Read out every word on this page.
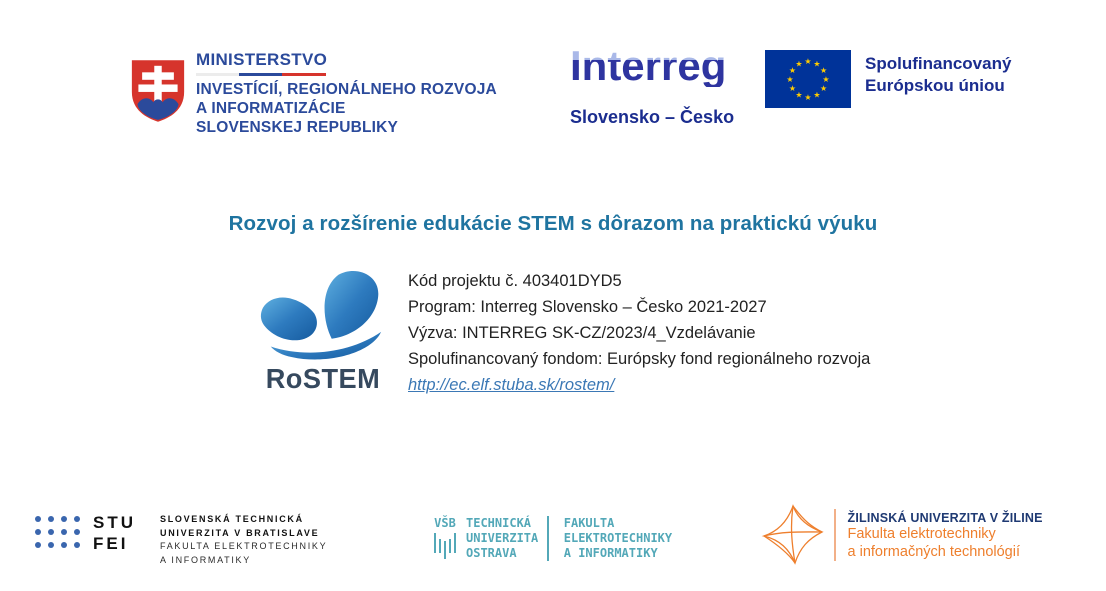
MINISTERSTVO
INVESTÍCIÍ, REGIONÁLNEHO ROZVOJA
A INFORMATIZÁCIE
SLOVENSKEJ REPUBLIKY
Interreg
Slovensko – Česko
★ ★
★
★
★
★
★
★
★
★
★
★	Spolufinancovaný
Európskou úniou
Rozvoj a rozšírenie edukácie STEM s dôrazom na praktickú výuku
RoSTEM
Kód projektu č. 403401DYD5
Program: Interreg Slovensko – Česko 2021-2027
Výzva: INTERREG SK-CZ/2023/4_Vzdelávanie
Spolufinancovaný fondom: Európsky fond regionálneho rozvoja
http://ec.elf.stuba.sk/rostem/
STU
FEI
SLOVENSKÁ TECHNICKÁ
UNIVERZITA V BRATISLAVE
FAKULTA ELEKTROTECHNIKY
A INFORMATIKY
VŠB TECHNICKÁ
UNIVERZITA
OSTRAVA
FAKULTA
ELEKTROTECHNIKY
A INFORMATIKY
ŽILINSKÁ UNIVERZITA V ŽILINE
Fakulta elektrotechniky
a informačných technológií
